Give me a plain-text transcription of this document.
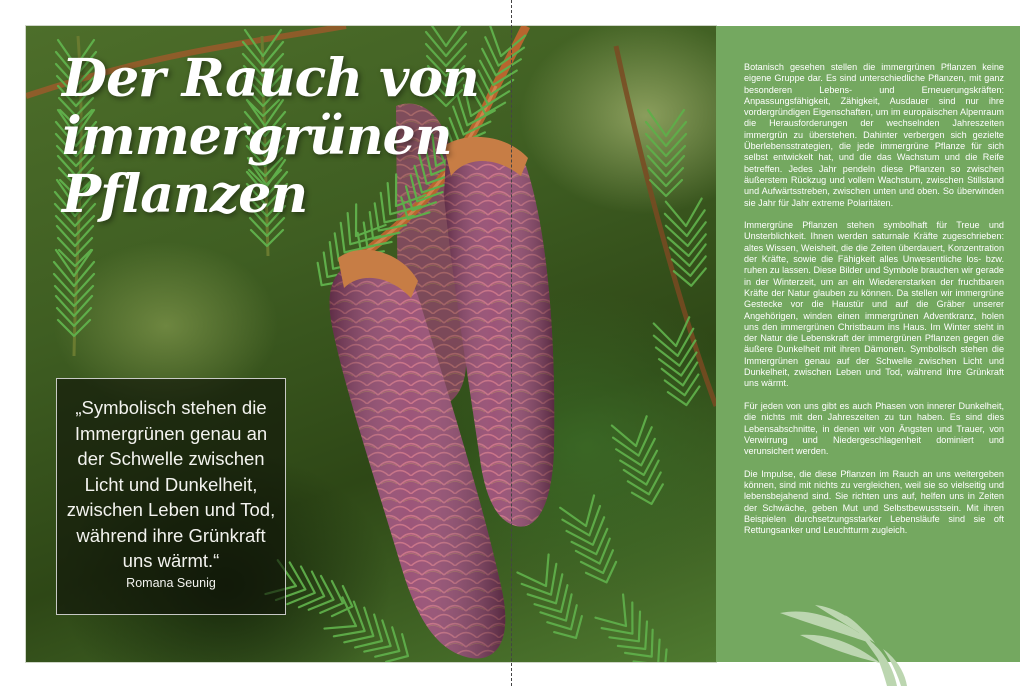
Der Rauch von
immergrünen
Pflanzen
„Symbolisch stehen die Immergrünen genau an der Schwelle zwischen Licht und Dunkelheit, zwischen Leben und Tod, während ihre Grünkraft uns wärmt.“
Romana Seunig

Botanisch gesehen stellen die immergrünen Pflanzen keine eigene Gruppe dar. Es sind unterschiedliche Pflanzen, mit ganz besonderen Lebens- und Erneuerungskräften: Anpassungsfähigkeit, Zähigkeit, Ausdauer sind nur ihre vordergründigen Eigenschaften, um im europäischen Alpenraum die Herausforderungen der wechselnden Jahreszeiten immergrün zu überstehen. Dahinter verbergen sich gezielte Überlebensstrategien, die jede immergrüne Pflanze für sich selbst entwickelt hat, und die das Wachstum und die Reife betreffen. Jedes Jahr pendeln diese Pflanzen so zwischen äußerstem Rückzug und vollem Wachstum, zwischen Stillstand und Aufwärtsstreben, zwischen unten und oben. So überwinden sie Jahr für Jahr extreme Polaritäten.

Immergrüne Pflanzen stehen symbolhaft für Treue und Unsterblichkeit. Ihnen werden saturnale Kräfte zugeschrieben: altes Wissen, Weisheit, die die Zeiten überdauert, Konzentration der Kräfte, sowie die Fähigkeit alles Unwesentliche los- bzw. ruhen zu lassen. Diese Bilder und Symbole brauchen wir gerade in der Winterzeit, um an ein Wiedererstarken der fruchtbaren Kräfte der Natur glauben zu können. Da stellen wir immergrüne Gestecke vor die Haustür und auf die Gräber unserer Angehörigen, winden einen immergrünen Adventkranz, holen uns den immergrünen Christbaum ins Haus. Im Winter steht in der Natur die Lebenskraft der immergrünen Pflanzen gegen die äußere Dunkelheit mit ihren Dämonen. Symbolisch stehen die Immergrünen genau auf der Schwelle zwischen Licht und Dunkelheit, zwischen Leben und Tod, während ihre Grünkraft uns wärmt.

Für jeden von uns gibt es auch Phasen von innerer Dunkelheit, die nichts mit den Jahreszeiten zu tun haben. Es sind dies Lebensabschnitte, in denen wir von Ängsten und Trauer, von Verwirrung und Niedergeschlagenheit dominiert und verunsichert werden.

Die Impulse, die diese Pflanzen im Rauch an uns weitergeben können, sind mit nichts zu vergleichen, weil sie so vielseitig und lebensbejahend sind. Sie richten uns auf, helfen uns in Zeiten der Schwäche, geben Mut und Selbstbewusstsein. Mit ihren Beispielen durchsetzungsstarker Lebensläufe sind sie oft Rettungsanker und Leuchtturm zugleich.
